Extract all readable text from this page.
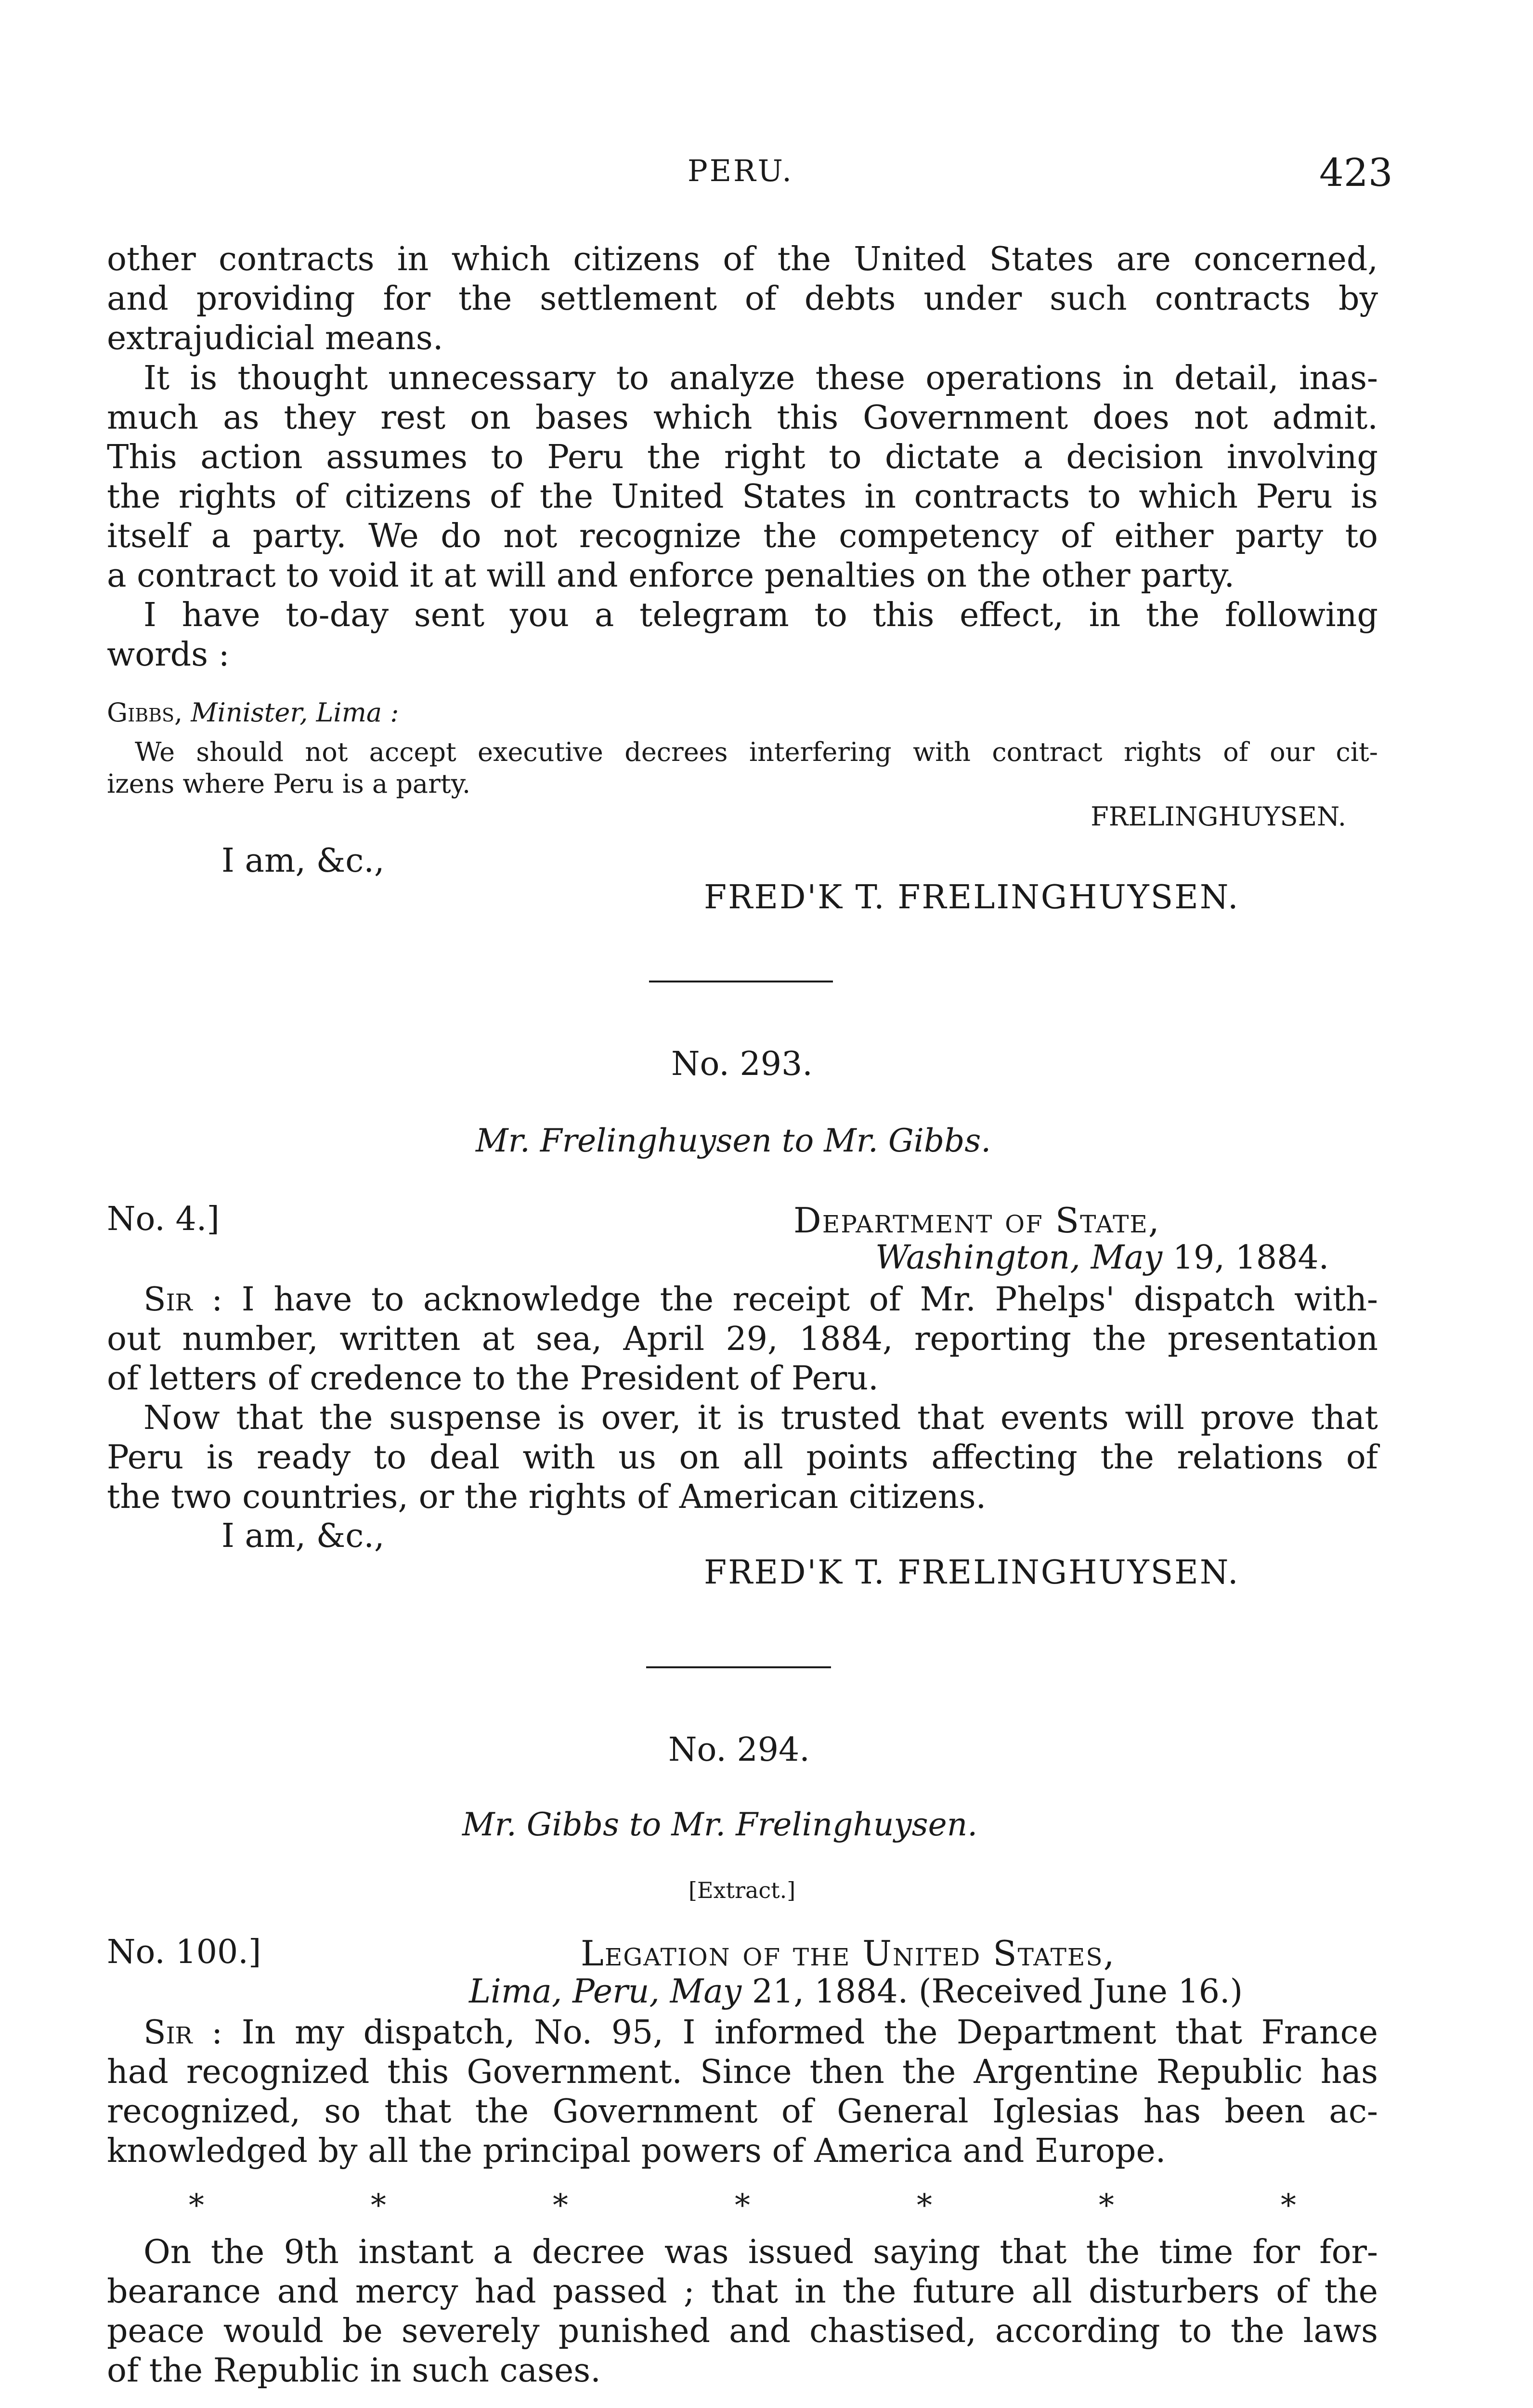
PERU.	423

other contracts in which citizens of the United States are concerned,

and providing for the settlement of debts under such contracts by

extrajudicial means.

It is thought unnecessary to analyze these operations in detail, inas-

much as they rest on bases which this Government does not admit.

This action assumes to Peru the right to dictate a decision involving

the rights of citizens of the United States in contracts to which Peru is

itself a party. We do not recognize the competency of either party to

a contract to void it at will and enforce penalties on the other party.

I have to-day sent you a telegram to this effect, in the following

words :

Gibbs, Minister, Lima :

We should not accept executive decrees interfering with contract rights of our cit-

izens where Peru is a party.

FRELINGHUYSEN.
I am, &c.,
FRED'K T. FRELINGHUYSEN.
No. 293.
Mr. Frelinghuysen to Mr. Gibbs.
No. 4.]	Department of State,
Washington, May 19, 1884.
Sir : I have to acknowledge the receipt of Mr. Phelps' dispatch with-

out number, written at sea, April 29, 1884, reporting the presentation

of letters of credence to the President of Peru.

Now that the suspense is over, it is trusted that events will prove that

Peru is ready to deal with us on all points affecting the relations of

the two countries, or the rights of American citizens.

I am, &c.,
FRED'K T. FRELINGHUYSEN.
No. 294.
Mr. Gibbs to Mr. Frelinghuysen.
[Extract.]
No. 100.]	Legation of the United States,
Lima, Peru, May 21, 1884. (Received June 16.)
Sir : In my dispatch, No. 95, I informed the Department that France

had recognized this Government. Since then the Argentine Republic has

recognized, so that the Government of General Iglesias has been ac-

knowledged by all the principal powers of America and Europe.

*	*	*	*	*	*	*

On the 9th instant a decree was issued saying that the time for for-

bearance and mercy had passed ; that in the future all disturbers of the

peace would be severely punished and chastised, according to the laws

of the Republic in such cases.
